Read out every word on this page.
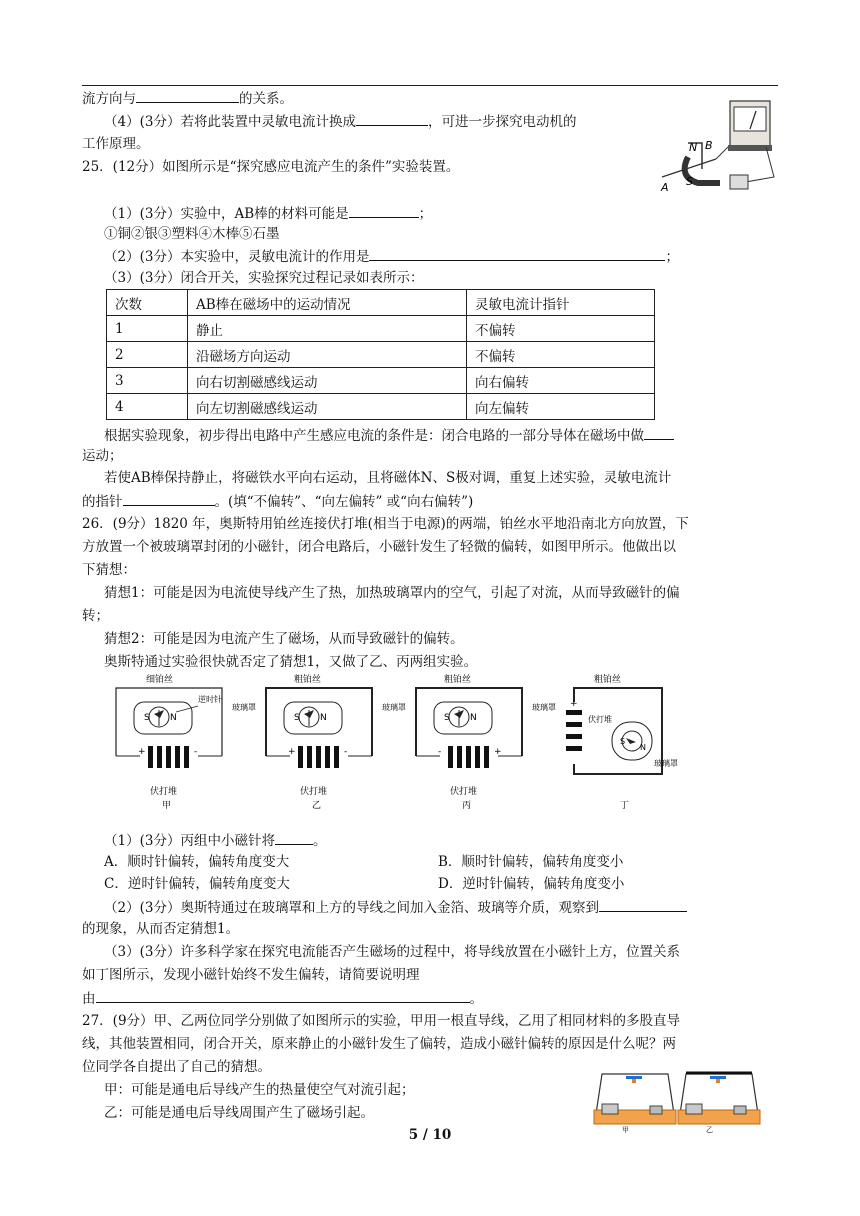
流方向与	的关系。
（4）(3分）若将此装置中灵敏电流计换成	，可进一步探究电动机的
工作原理。
25．(12分）如图所示是“探究感应电流产生的条件”实验装置。
N B
A S
（1）(3分）实验中，AB棒的材料可能是	；
①铜②银③塑料④木棒⑤石墨
（2）(3分）本实验中，灵敏电流计的作用是	；
（3）(3分）闭合开关，实验探究过程记录如表所示：
次数	AB棒在磁场中的运动情况	灵敏电流计指针
1	静止	不偏转
2	沿磁场方向运动	不偏转
3	向右切割磁感线运动	向右偏转
4	向左切割磁感线运动	向左偏转
根据实验现象，初步得出电路中产生感应电流的条件是：闭合电路的一部分导体在磁场中做
运动；
若使AB棒保持静止，将磁铁水平向右运动，且将磁体N、S极对调，重复上述实验，灵敏电流计
的指针	。(填“不偏转”、“向左偏转” 或“向右偏转”)
26．(9分）1820 年，奥斯特用铂丝连接伏打堆(相当于电源)的两端，铂丝水平地沿南北方向放置，下
方放置一个被玻璃罩封闭的小磁针，闭合电路后，小磁针发生了轻微的偏转，如图甲所示。他做出以
下猜想：
猜想1：可能是因为电流使导线产生了热，加热玻璃罩内的空气，引起了对流，从而导致磁针的偏
转；
猜想2：可能是因为电流产生了磁场，从而导致磁针的偏转。
奥斯特通过实验很快就否定了猜想1，又做了乙、丙两组实验。
细铂丝
S N
逆时针
玻璃罩
+	-
伏打堆
甲
粗铂丝
S N
玻璃罩
+	-
伏打堆
乙
粗铂丝
S N
玻璃罩
-	+
伏打堆
丙
粗铂丝
+
伏打堆
S
N
玻璃罩
丁
（1）(3分）丙组中小磁针将	。
A．顺时针偏转，偏转角度变大	B．顺时针偏转，偏转角度变小
C．逆时针偏转，偏转角度变大	D．逆时针偏转，偏转角度变小
（2）(3分）奥斯特通过在玻璃罩和上方的导线之间加入金箔、玻璃等介质，观察到
的现象，从而否定猜想1。
（3）(3分）许多科学家在探究电流能否产生磁场的过程中，将导线放置在小磁针上方，位置关系
如丁图所示，发现小磁针始终不发生偏转，请简要说明理
由	。
27．(9分）甲、乙两位同学分别做了如图所示的实验，甲用一根直导线，乙用了相同材料的多股直导
线，其他装置相同，闭合开关，原来静止的小磁针发生了偏转，造成小磁针偏转的原因是什么呢？两
位同学各自提出了自己的猜想。
甲：可能是通电后导线产生的热量使空气对流引起；
乙：可能是通电后导线周围产生了磁场引起。
甲	乙
5 / 10
